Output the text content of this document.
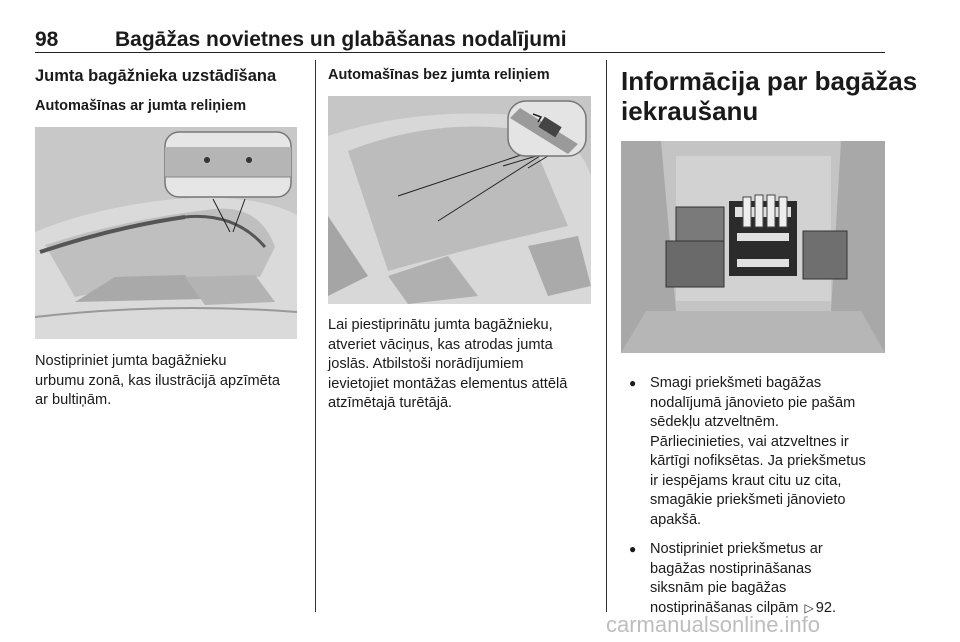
98	Bagāžas novietnes un glabāšanas nodalījumi
Jumta bagāžnieka uzstādīšana
Automašīnas ar jumta reliņiem
Nostipriniet jumta bagāžnieku
urbumu zonā, kas ilustrācijā apzīmēta
ar bultiņām.
Automašīnas bez jumta reliņiem
Lai piestiprinātu jumta bagāžnieku,
atveriet vāciņus, kas atrodas jumta
joslās. Atbilstoši norādījumiem
ievietojiet montāžas elementus attēlā
atzīmētajā turētājā.
Informācija par bagāžas
iekraušanu
● Smagi priekšmeti bagāžas
nodalījumā jānovieto pie pašām
sēdekļu atzveltnēm.
Pārliecinieties, vai atzveltnes ir
kārtīgi nofiksētas. Ja priekšmetus
ir iespējams kraut citu uz cita,
smagākie priekšmeti jānovieto
apakšā.
● Nostipriniet priekšmetus ar
bagāžas nostiprināšanas
siksnām pie bagāžas
nostiprināšanas cilpām ▷ 92.
carmanualsonline.info
